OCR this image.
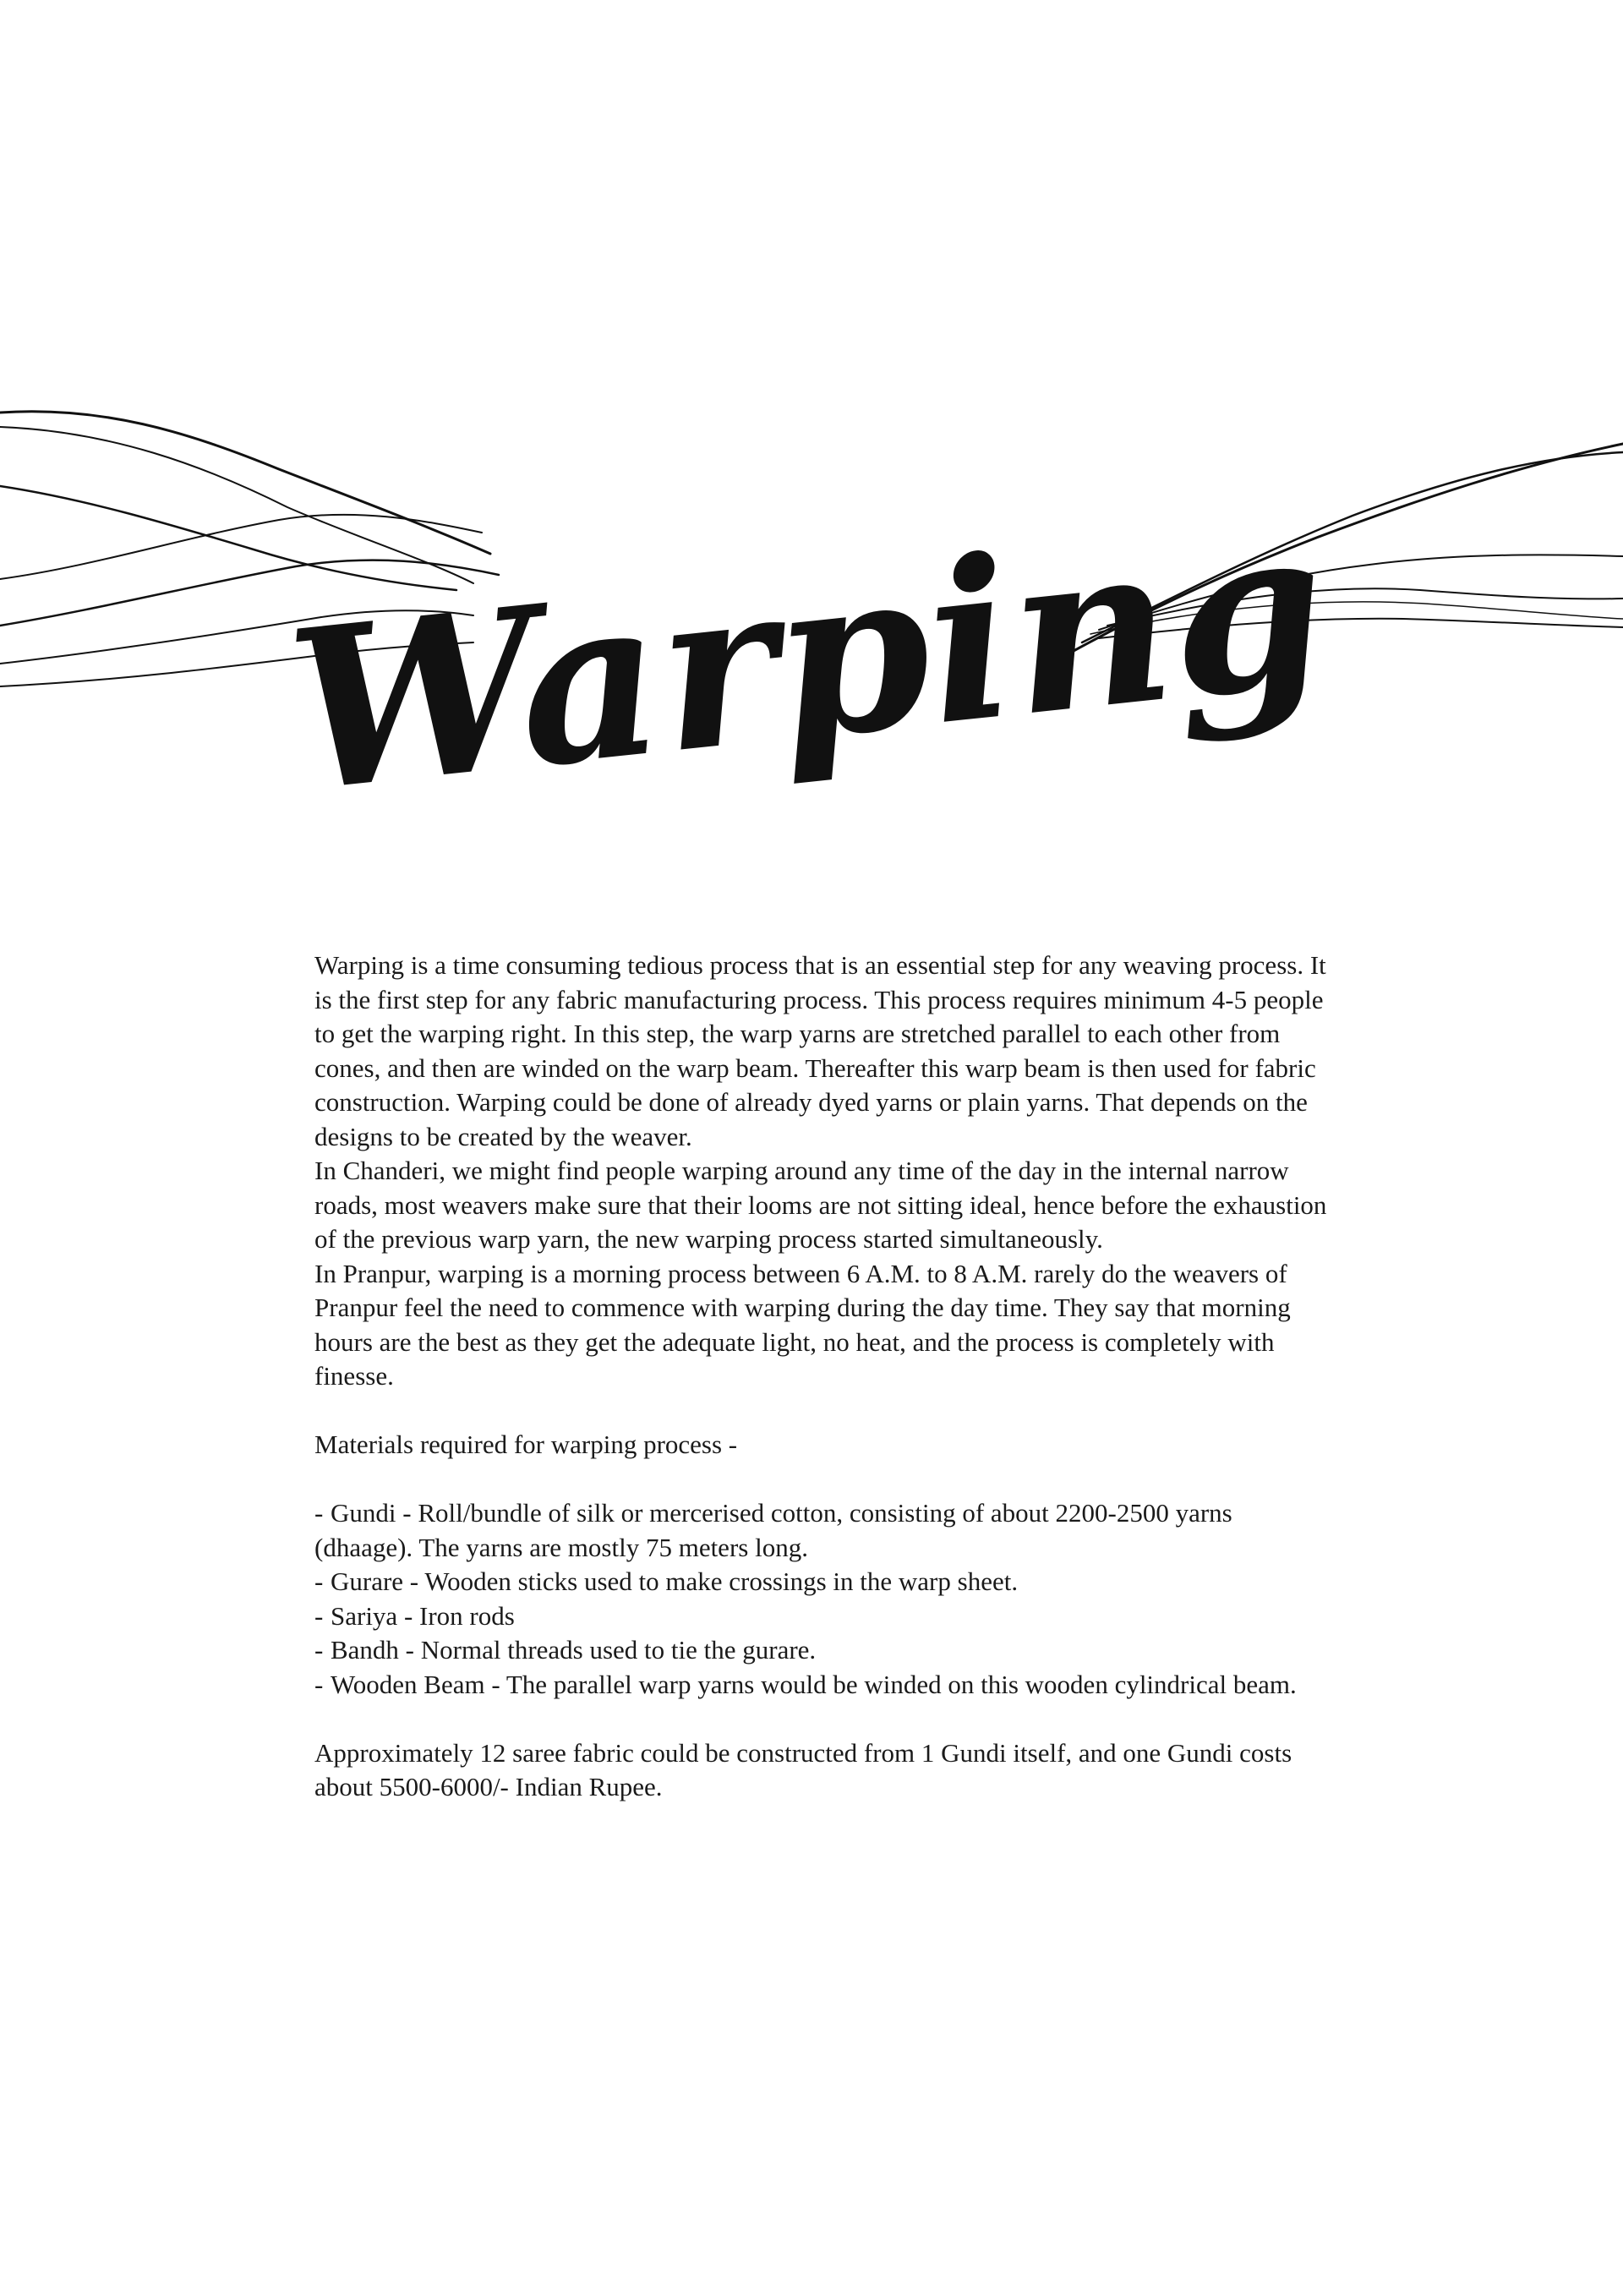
Warping

Warping is a time consuming tedious process that is an essential step for any weaving process. It is the first step for any fabric manufacturing process. This process requires minimum 4-5 people to get the warping right. In this step, the warp yarns are stretched parallel to each other from cones, and then are winded on the warp beam. Thereafter this warp beam is then used for fabric construction. Warping could be done of already dyed yarns or plain yarns. That depends on the designs to be created by the weaver.

In Chanderi, we might find people warping around any time of the day in the internal narrow roads, most weavers make sure that their looms are not sitting ideal, hence before the exhaustion of the previous warp yarn, the new warping process started simultaneously.

In Pranpur, warping is a morning process between 6 A.M. to 8 A.M. rarely do the weavers of Pranpur feel the need to commence with warping during the day time. They say that morning hours are the best as they get the adequate light, no heat, and the process is completely with finesse.

Materials required for warping process -

- Gundi - Roll/bundle of silk or mercerised cotton, consisting of about 2200-2500 yarns (dhaage). The yarns are mostly 75 meters long.
- Gurare - Wooden sticks used to make crossings in the warp sheet.
- Sariya - Iron rods
- Bandh - Normal threads used to tie the gurare.
- Wooden Beam - The parallel warp yarns would be winded on this wooden cylindrical beam.

Approximately 12 saree fabric could be constructed from 1 Gundi itself, and one Gundi costs about 5500-6000/- Indian Rupee.
